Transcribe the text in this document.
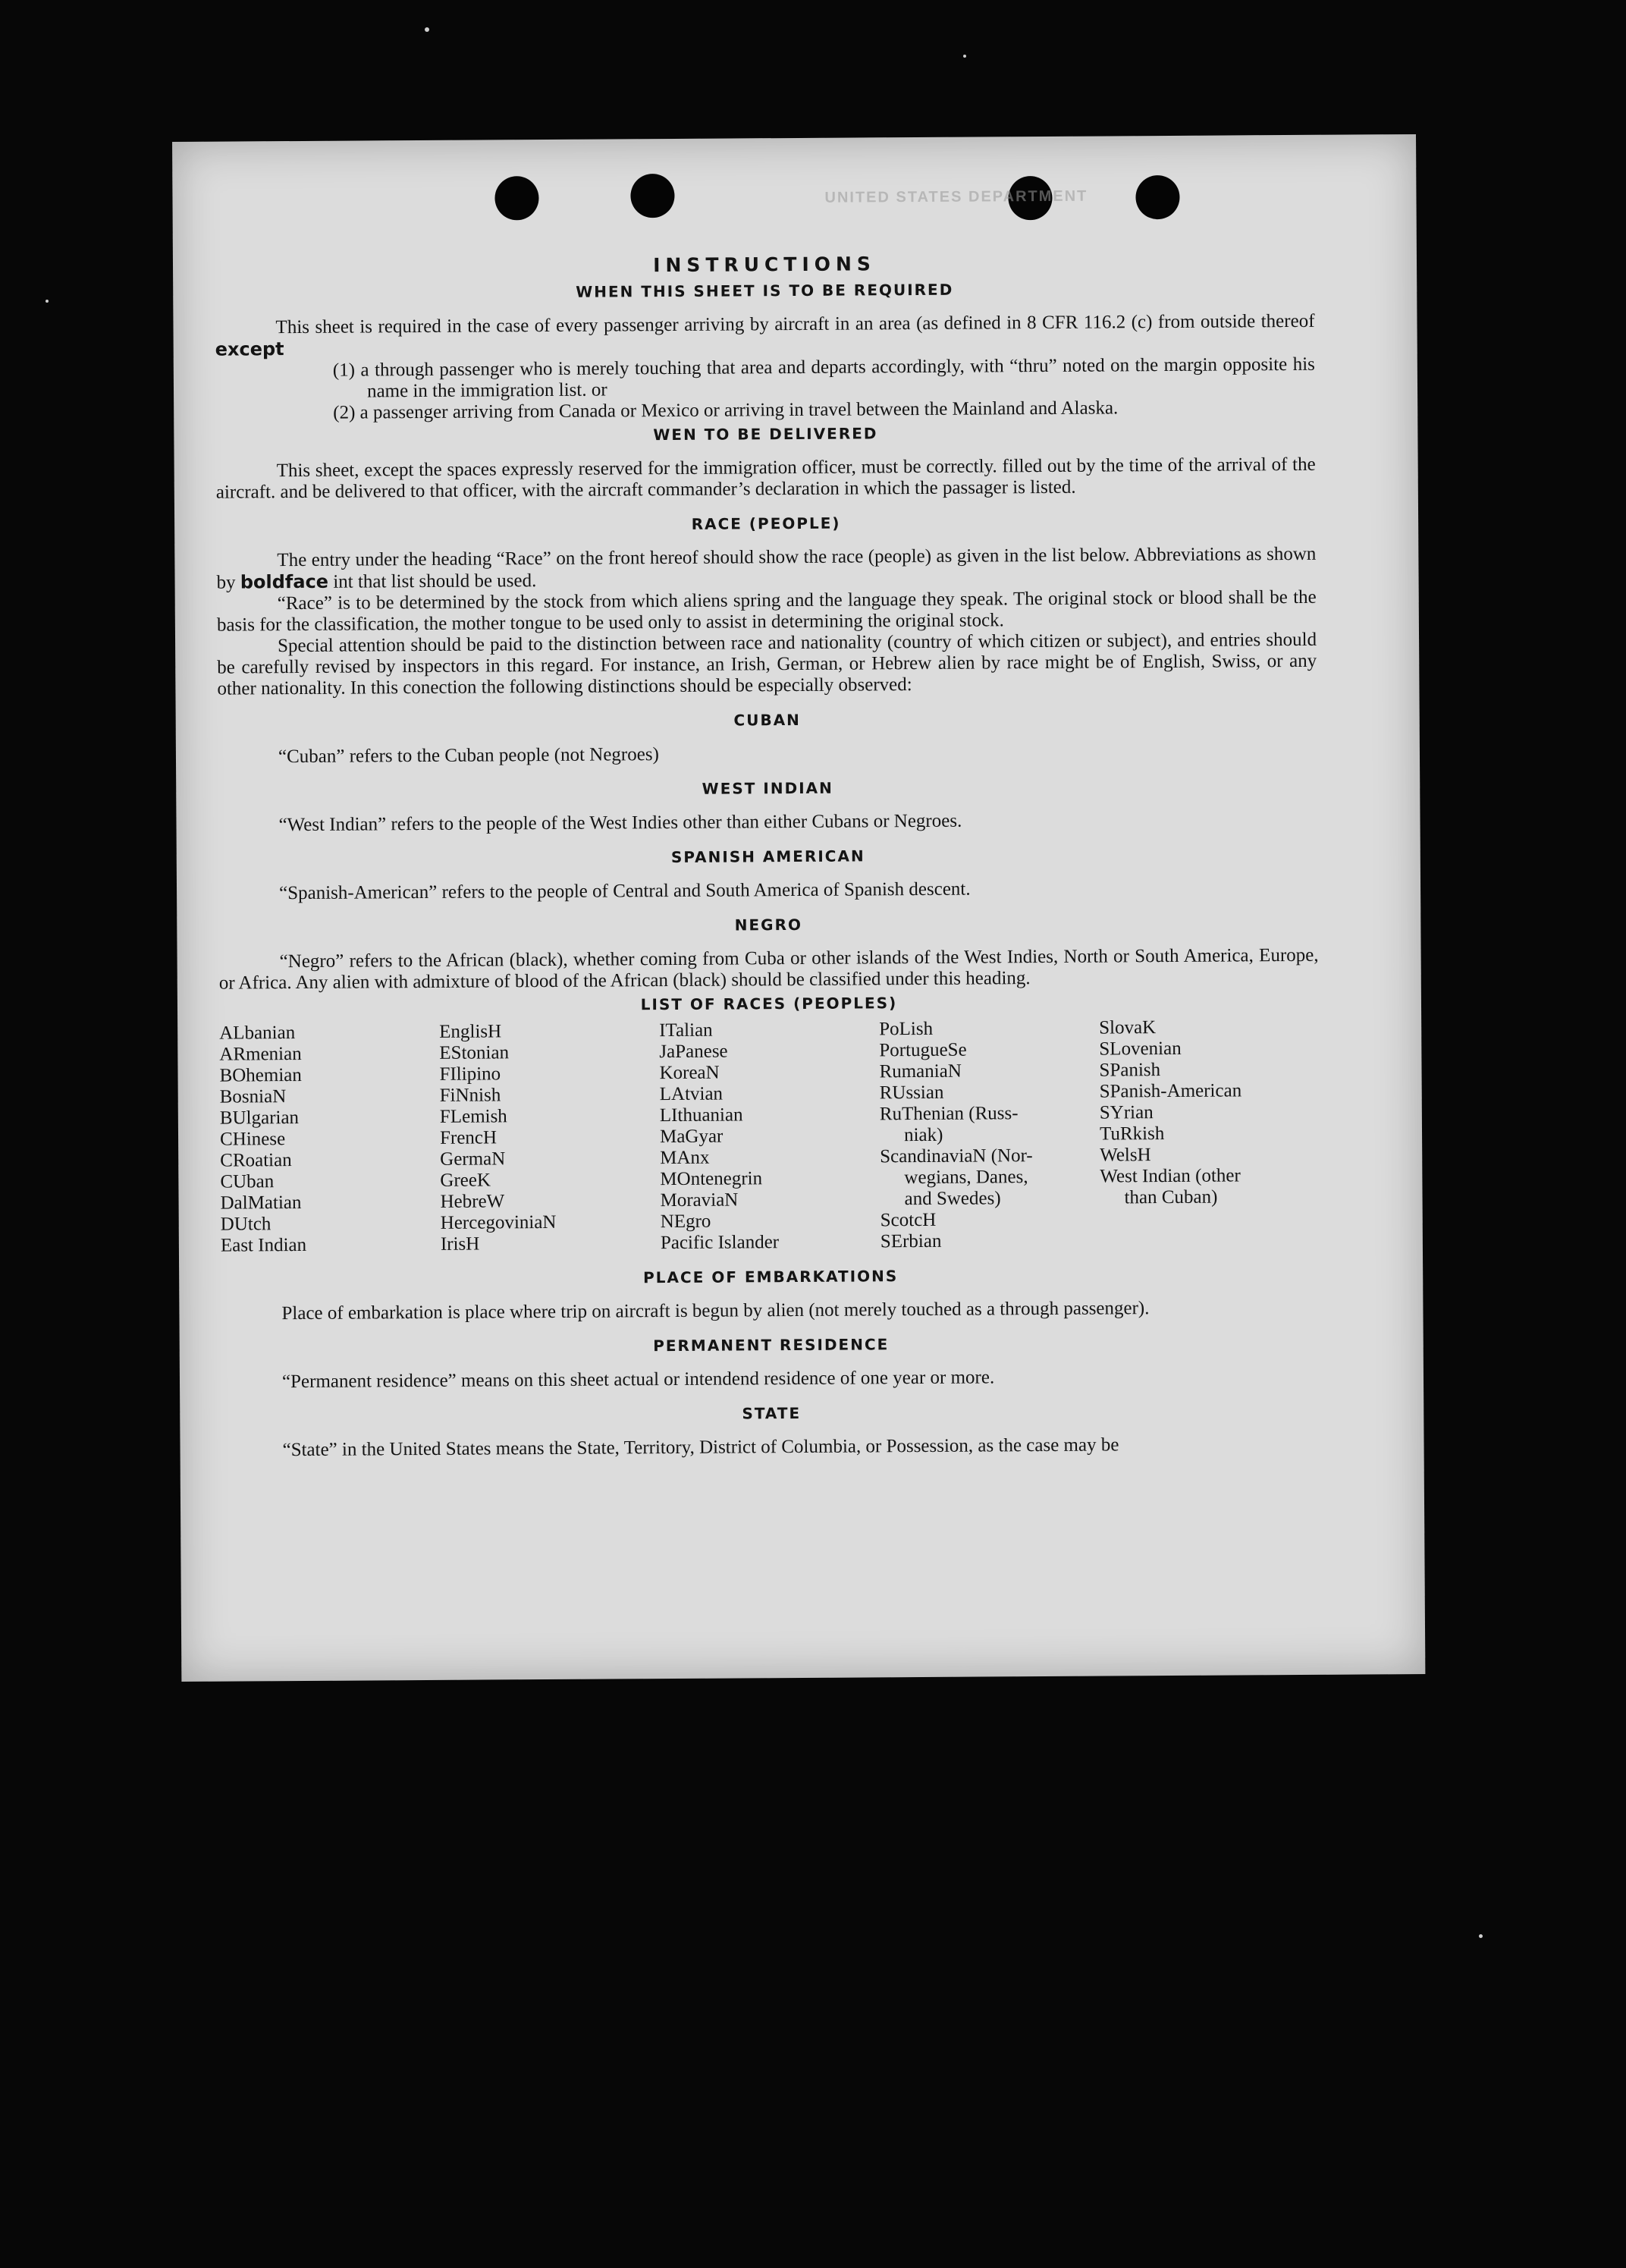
UNITED STATES DEPARTMENT
INSTRUCTIONS
WHEN THIS SHEET IS TO BE REQUIRED

This sheet is required in the case of every passenger arriving by aircraft in an area (as defined in 8 CFR 116.2 (c) from outside thereof except

(1) a through passenger who is merely touching that area and departs accordingly, with “thru” noted on the margin opposite his name in the immigration list. or

(2) a passenger arriving from Canada or Mexico or arriving in travel between the Mainland and Alaska.

WEN TO BE DELIVERED

This sheet, except the spaces expressly reserved for the immigration officer, must be correctly. filled out by the time of the arrival of the aircraft. and be delivered to that officer, with the aircraft commander’s declaration in which the passager is listed.

RACE (PEOPLE)

The entry under the heading “Race” on the front hereof should show the race (people) as given in the list below. Abbreviations as shown by boldface int that list should be used.

“Race” is to be determined by the stock from which aliens spring and the language they speak. The original stock or blood shall be the basis for the classification, the mother tongue to be used only to assist in determining the original stock.

Special attention should be paid to the distinction between race and nationality (country of which citizen or subject), and entries should be carefully revised by inspectors in this regard. For instance, an Irish, German, or Hebrew alien by race might be of English, Swiss, or any other nationality. In this conection the following distinctions should be especially observed:

CUBAN

“Cuban” refers to the Cuban people (not Negroes)

WEST INDIAN

“West Indian” refers to the people of the West Indies other than either Cubans or Negroes.

SPANISH AMERICAN

“Spanish-American” refers to the people of Central and South America of Spanish descent.

NEGRO

“Negro” refers to the African (black), whether coming from Cuba or other islands of the West Indies, North or South America, Europe, or Africa. Any alien with admixture of blood of the African (black) should be classified under this heading.

LIST OF RACES (PEOPLES)
ALbanian
ARmenian
BOhemian
BosniaN
BUlgarian
CHinese
CRoatian
CUban
DalMatian
DUtch
East Indian
EnglisH
EStonian
FIlipino
FiNnish
FLemish
FrencH
GermaN
GreeK
HebreW
HercegoviniaN
IrisH
ITalian
JaPanese
KoreaN
LAtvian
LIthuanian
MaGyar
MAnx
MOntenegrin
MoraviaN
NEgro
Pacific Islander
PoLish
PortugueSe
RumaniaN
RUssian
RuThenian (Russ-
niak)
ScandinaviaN (Nor-
wegians, Danes,
and Swedes)
ScotcH
SErbian
SlovaK
SLovenian
SPanish
SPanish-American
SYrian
TuRkish
WelsH
West Indian (other
than Cuban)
PLACE OF EMBARKATIONS

Place of embarkation is place where trip on aircraft is begun by alien (not merely touched as a through passenger).

PERMANENT RESIDENCE

“Permanent residence” means on this sheet actual or intendend residence of one year or more.

STATE

“State” in the United States means the State, Territory, District of Columbia, or Possession, as the case may be
